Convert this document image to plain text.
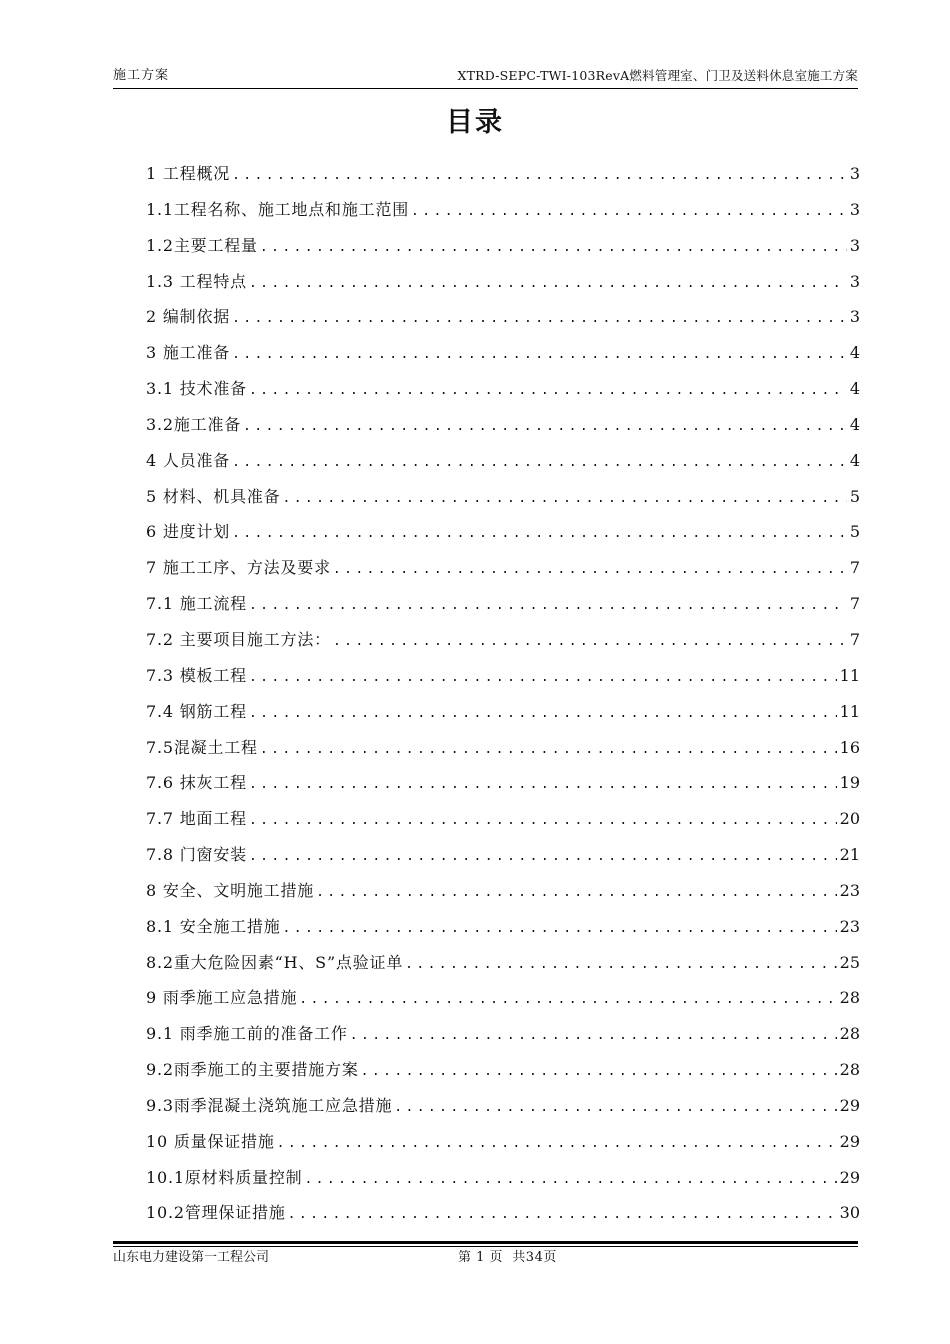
施工方案	XTRD-SEPC-TWI-103RevA燃料管理室、门卫及送料休息室施工方案
目录
1 工程概况 .....	3
1.1工程名称、施工地点和施工范围 .....	3
1.2主要工程量 .....	3
1.3 工程特点 .....	3
2 编制依据 .....	3
3 施工准备 .....	4
3.1 技术准备 .....	4
3.2施工准备 .....	4
4 人员准备 .....	4
5 材料、机具准备 .....	5
6 进度计划 .....	5
7 施工工序、方法及要求 .....	7
7.1 施工流程 .....	7
7.2 主要项目施工方法： .....	7
7.3 模板工程 .....	11
7.4 钢筋工程 .....	11
7.5混凝土工程 .....	16
7.6 抹灰工程 .....	19
7.7 地面工程 .....	20
7.8 门窗安装 .....	21
8 安全、文明施工措施 .....	23
8.1 安全施工措施 .....	23
8.2重大危险因素“H、S”点验证单 .....	25
9 雨季施工应急措施 .....	28
9.1 雨季施工前的准备工作 .....	28
9.2雨季施工的主要措施方案 .....	28
9.3雨季混凝土浇筑施工应急措施 .....	29
10 质量保证措施 .....	29
10.1原材料质量控制 .....	29
10.2管理保证措施 .....	30
山东电力建设第一工程公司	第 1 页  共34页
